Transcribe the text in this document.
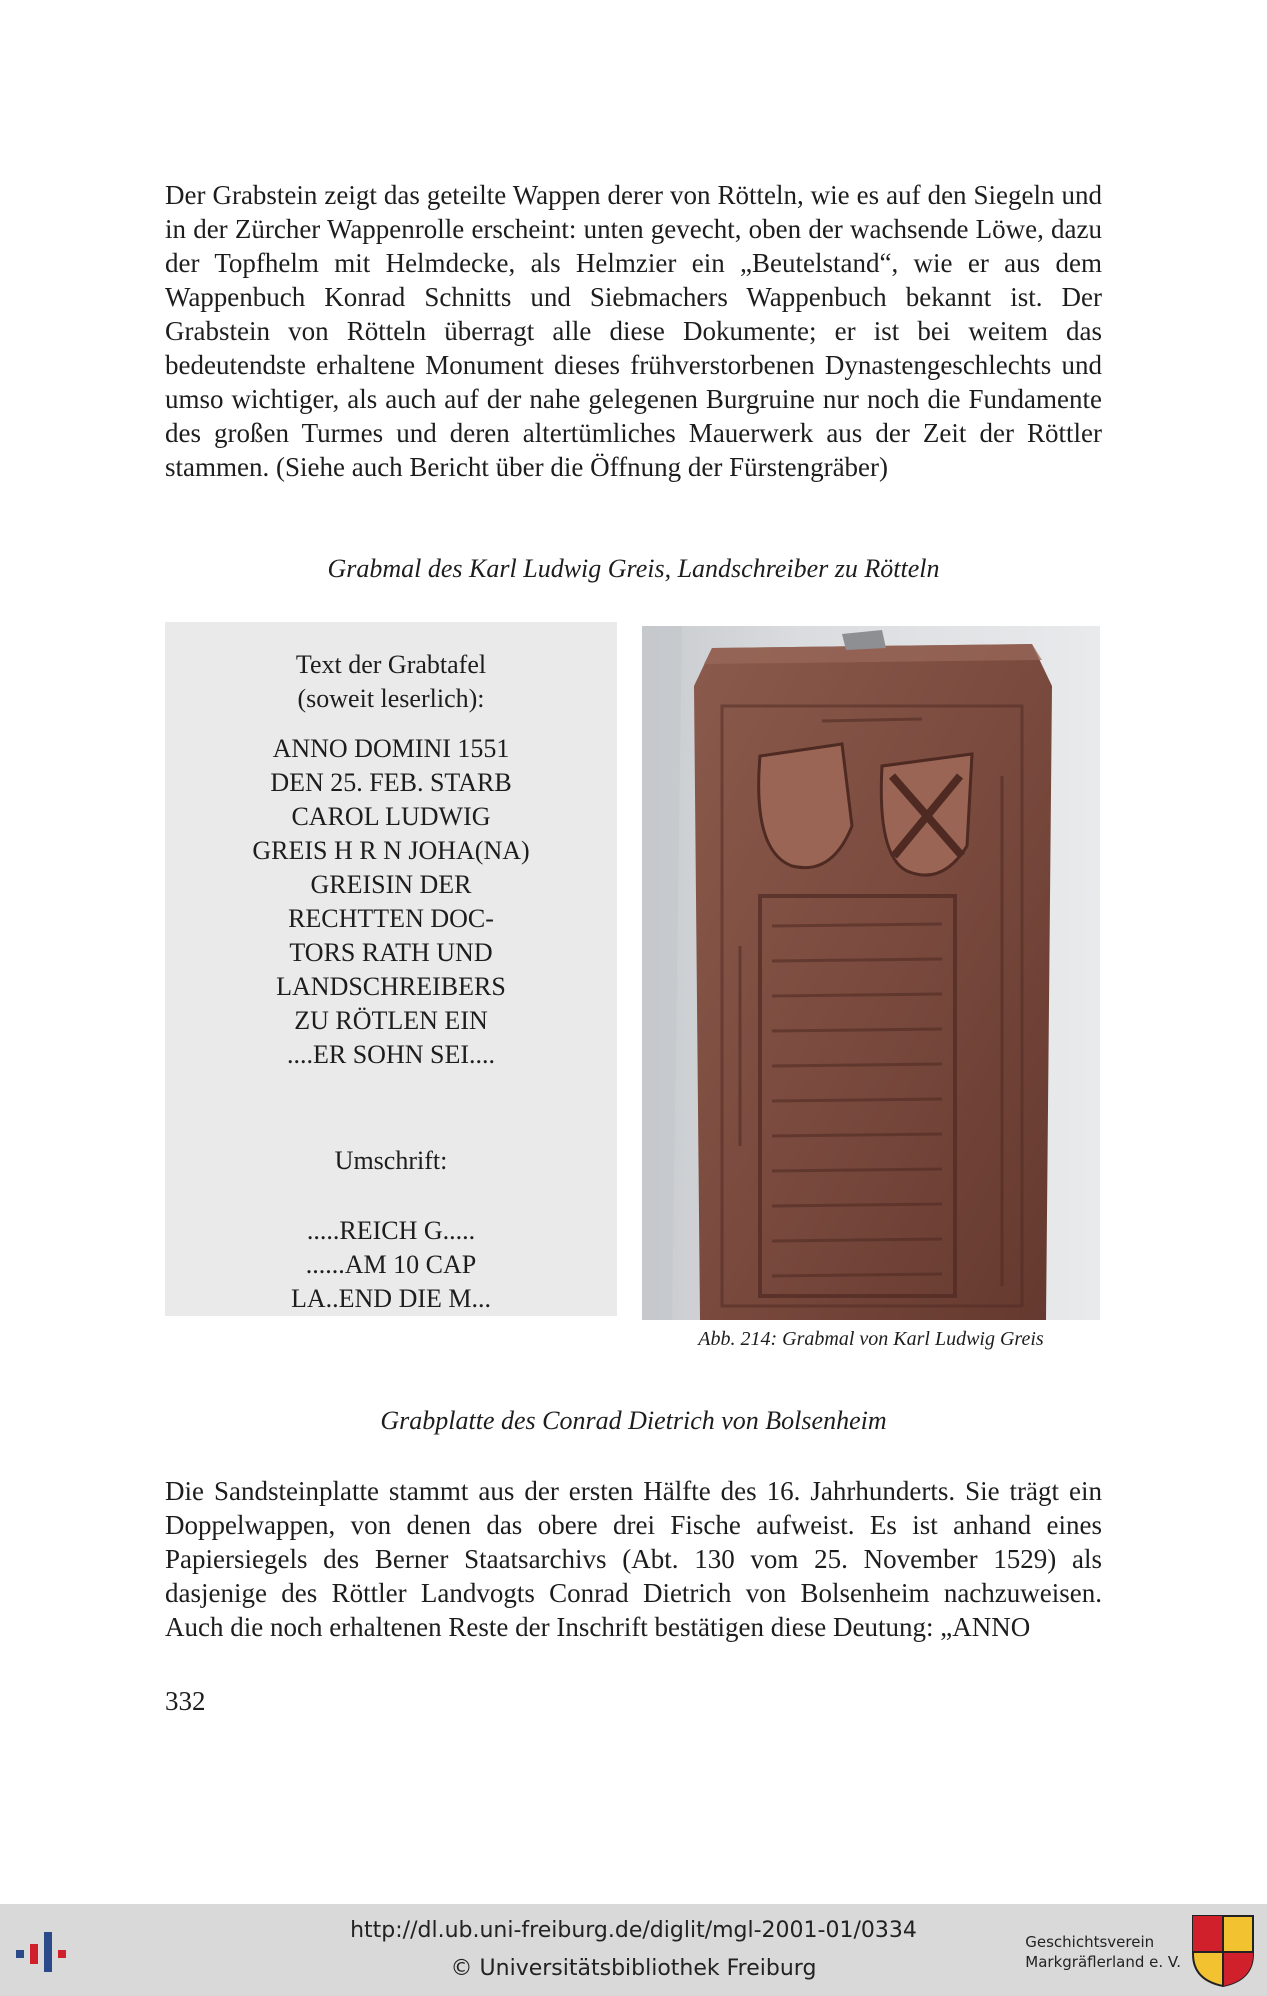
Der Grabstein zeigt das geteilte Wappen derer von Rötteln, wie es auf den Siegeln und in der Zürcher Wappenrolle erscheint: unten gevecht, oben der wachsende Löwe, dazu der Topfhelm mit Helmdecke, als Helmzier ein „Beutelstand“, wie er aus dem Wappenbuch Konrad Schnitts und Siebmachers Wappenbuch bekannt ist. Der Grabstein von Rötteln überragt alle diese Dokumente; er ist bei weitem das bedeutendste erhaltene Monument dieses frühverstorbenen Dynastengeschlechts und umso wichtiger, als auch auf der nahe gelegenen Burgruine nur noch die Fundamente des großen Turmes und deren altertümliches Mauerwerk aus der Zeit der Röttler stammen. (Siehe auch Bericht über die Öffnung der Fürstengräber)

Grabmal des Karl Ludwig Greis, Landschreiber zu Rötteln

Text der Grabtafel
(soweit leserlich):
ANNO DOMINI 1551
DEN 25. FEB. STARB
CAROL LUDWIG
GREIS H R N JOHA(NA)
GREISIN DER
RECHTTEN DOC-
TORS RATH UND
LANDSCHREIBERS
ZU RÖTLEN EIN
....ER SOHN SEI....
Umschrift:
.....REICH G.....
......AM 10 CAP
LA..END DIE M...

Abb. 214: Grabmal von Karl Ludwig Greis

Grabplatte des Conrad Dietrich von Bolsenheim

Die Sandsteinplatte stammt aus der ersten Hälfte des 16. Jahrhunderts. Sie trägt ein Doppelwappen, von denen das obere drei Fische aufweist. Es ist anhand eines Papiersiegels des Berner Staatsarchivs (Abt. 130 vom 25. November 1529) als dasjenige des Röttler Landvogts Conrad Dietrich von Bolsenheim nachzuweisen. Auch die noch erhaltenen Reste der Inschrift bestätigen diese Deutung: „ANNO

332

http://dl.ub.uni-freiburg.de/diglit/mgl-2001-01/0334

© Universitätsbibliothek Freiburg

Geschichtsverein
Markgräflerland e. V.
